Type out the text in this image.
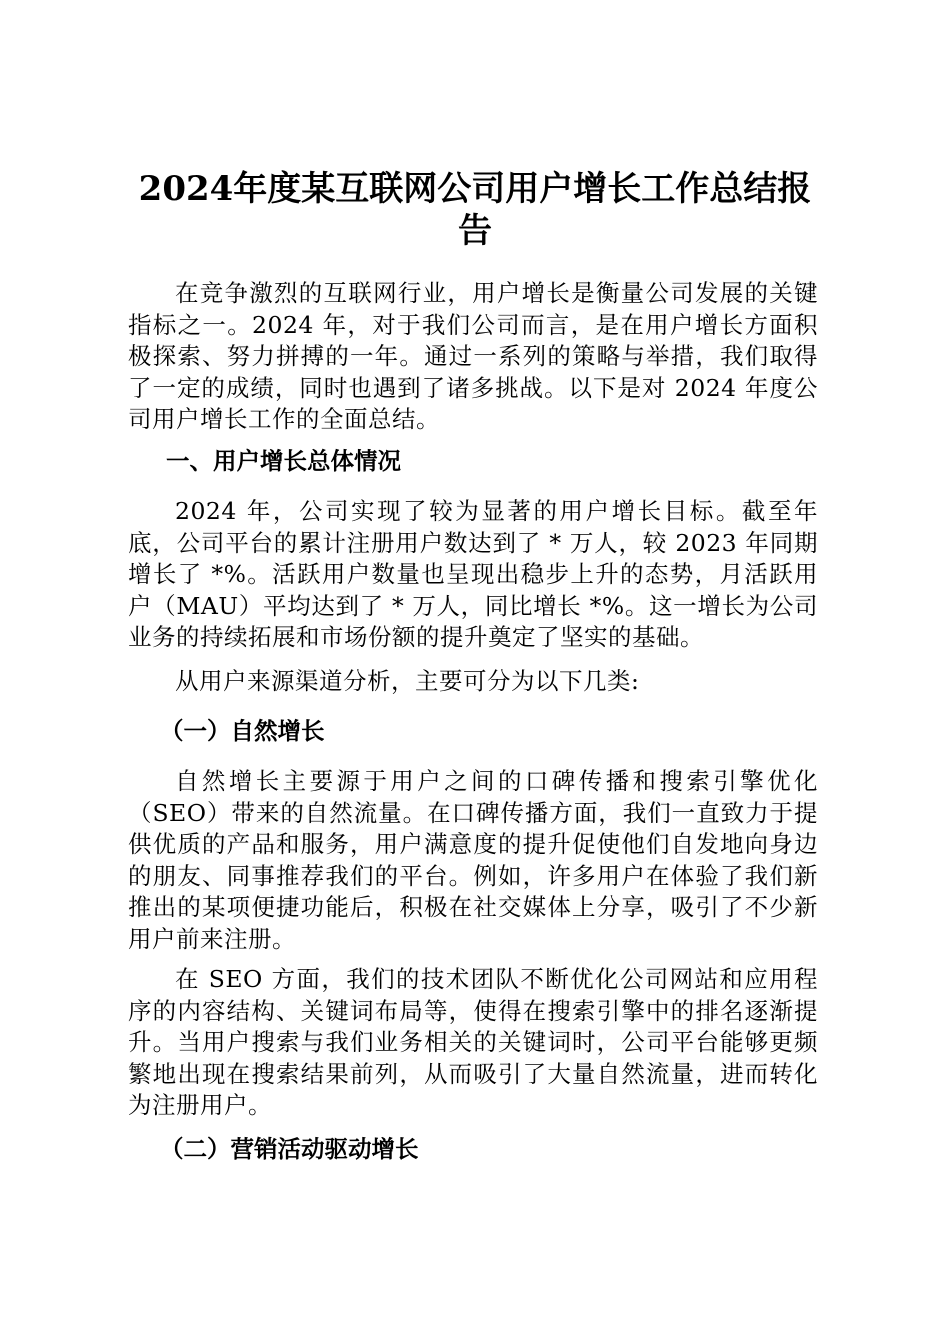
2024年度某互联网公司用户增长工作总结报告

在竞争激烈的互联网行业，用户增长是衡量公司发展的关键指标之一。2024 年，对于我们公司而言，是在用户增长方面积极探索、努力拼搏的一年。通过一系列的策略与举措，我们取得了一定的成绩，同时也遇到了诸多挑战。以下是对 2024 年度公司用户增长工作的全面总结。

一、用户增长总体情况

2024 年，公司实现了较为显著的用户增长目标。截至年底，公司平台的累计注册用户数达到了 * 万人，较 2023 年同期增长了 *%。活跃用户数量也呈现出稳步上升的态势，月活跃用户（MAU）平均达到了 * 万人，同比增长 *%。这一增长为公司业务的持续拓展和市场份额的提升奠定了坚实的基础。

从用户来源渠道分析，主要可分为以下几类:

（一）自然增长

自然增长主要源于用户之间的口碑传播和搜索引擎优化（SEO）带来的自然流量。在口碑传播方面，我们一直致力于提供优质的产品和服务，用户满意度的提升促使他们自发地向身边的朋友、同事推荐我们的平台。例如，许多用户在体验了我们新推出的某项便捷功能后，积极在社交媒体上分享，吸引了不少新用户前来注册。

在 SEO 方面，我们的技术团队不断优化公司网站和应用程序的内容结构、关键词布局等，使得在搜索引擎中的排名逐渐提升。当用户搜索与我们业务相关的关键词时，公司平台能够更频繁地出现在搜索结果前列，从而吸引了大量自然流量，进而转化为注册用户。

（二）营销活动驱动增长
